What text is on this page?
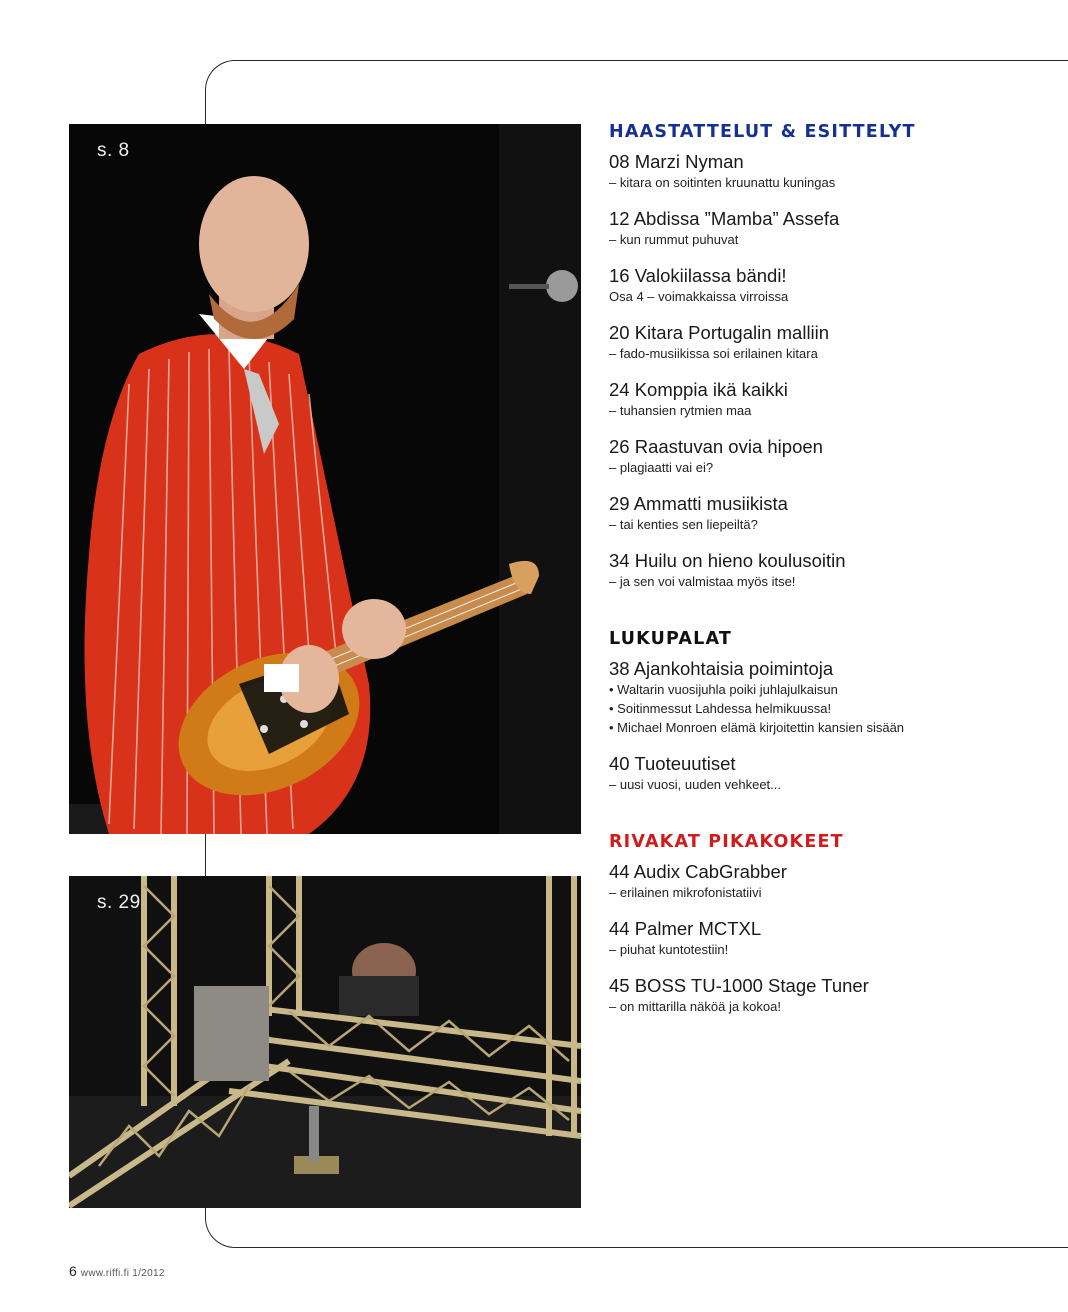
s. 8
s. 29
HAASTATTELUT & ESITTELYT
08 Marzi Nyman
– kitara on soitinten kruunattu kuningas
12 Abdissa ”Mamba” Assefa
– kun rummut puhuvat
16 Valokiilassa bändi!
Osa 4 – voimakkaissa virroissa
20 Kitara Portugalin malliin
– fado-musiikissa soi erilainen kitara
24 Komppia ikä kaikki
– tuhansien rytmien maa
26 Raastuvan ovia hipoen
– plagiaatti vai ei?
29 Ammatti musiikista
– tai kenties sen liepeiltä?
34 Huilu on hieno koulusoitin
– ja sen voi valmistaa myös itse!
LUKUPALAT
38 Ajankohtaisia poimintoja
• Waltarin vuosijuhla poiki juhlajulkaisun
• Soitinmessut Lahdessa helmikuussa!
• Michael Monroen elämä kirjoitettin kansien sisään
40 Tuoteuutiset
– uusi vuosi, uuden vehkeet...
RIVAKAT PIKAKOKEET
44 Audix CabGrabber
– erilainen mikrofonistatiivi
44 Palmer MCTXL
– piuhat kuntotestiin!
45 BOSS TU-1000 Stage Tuner
– on mittarilla näköä ja kokoa!
6 www.riffi.fi 1/2012
